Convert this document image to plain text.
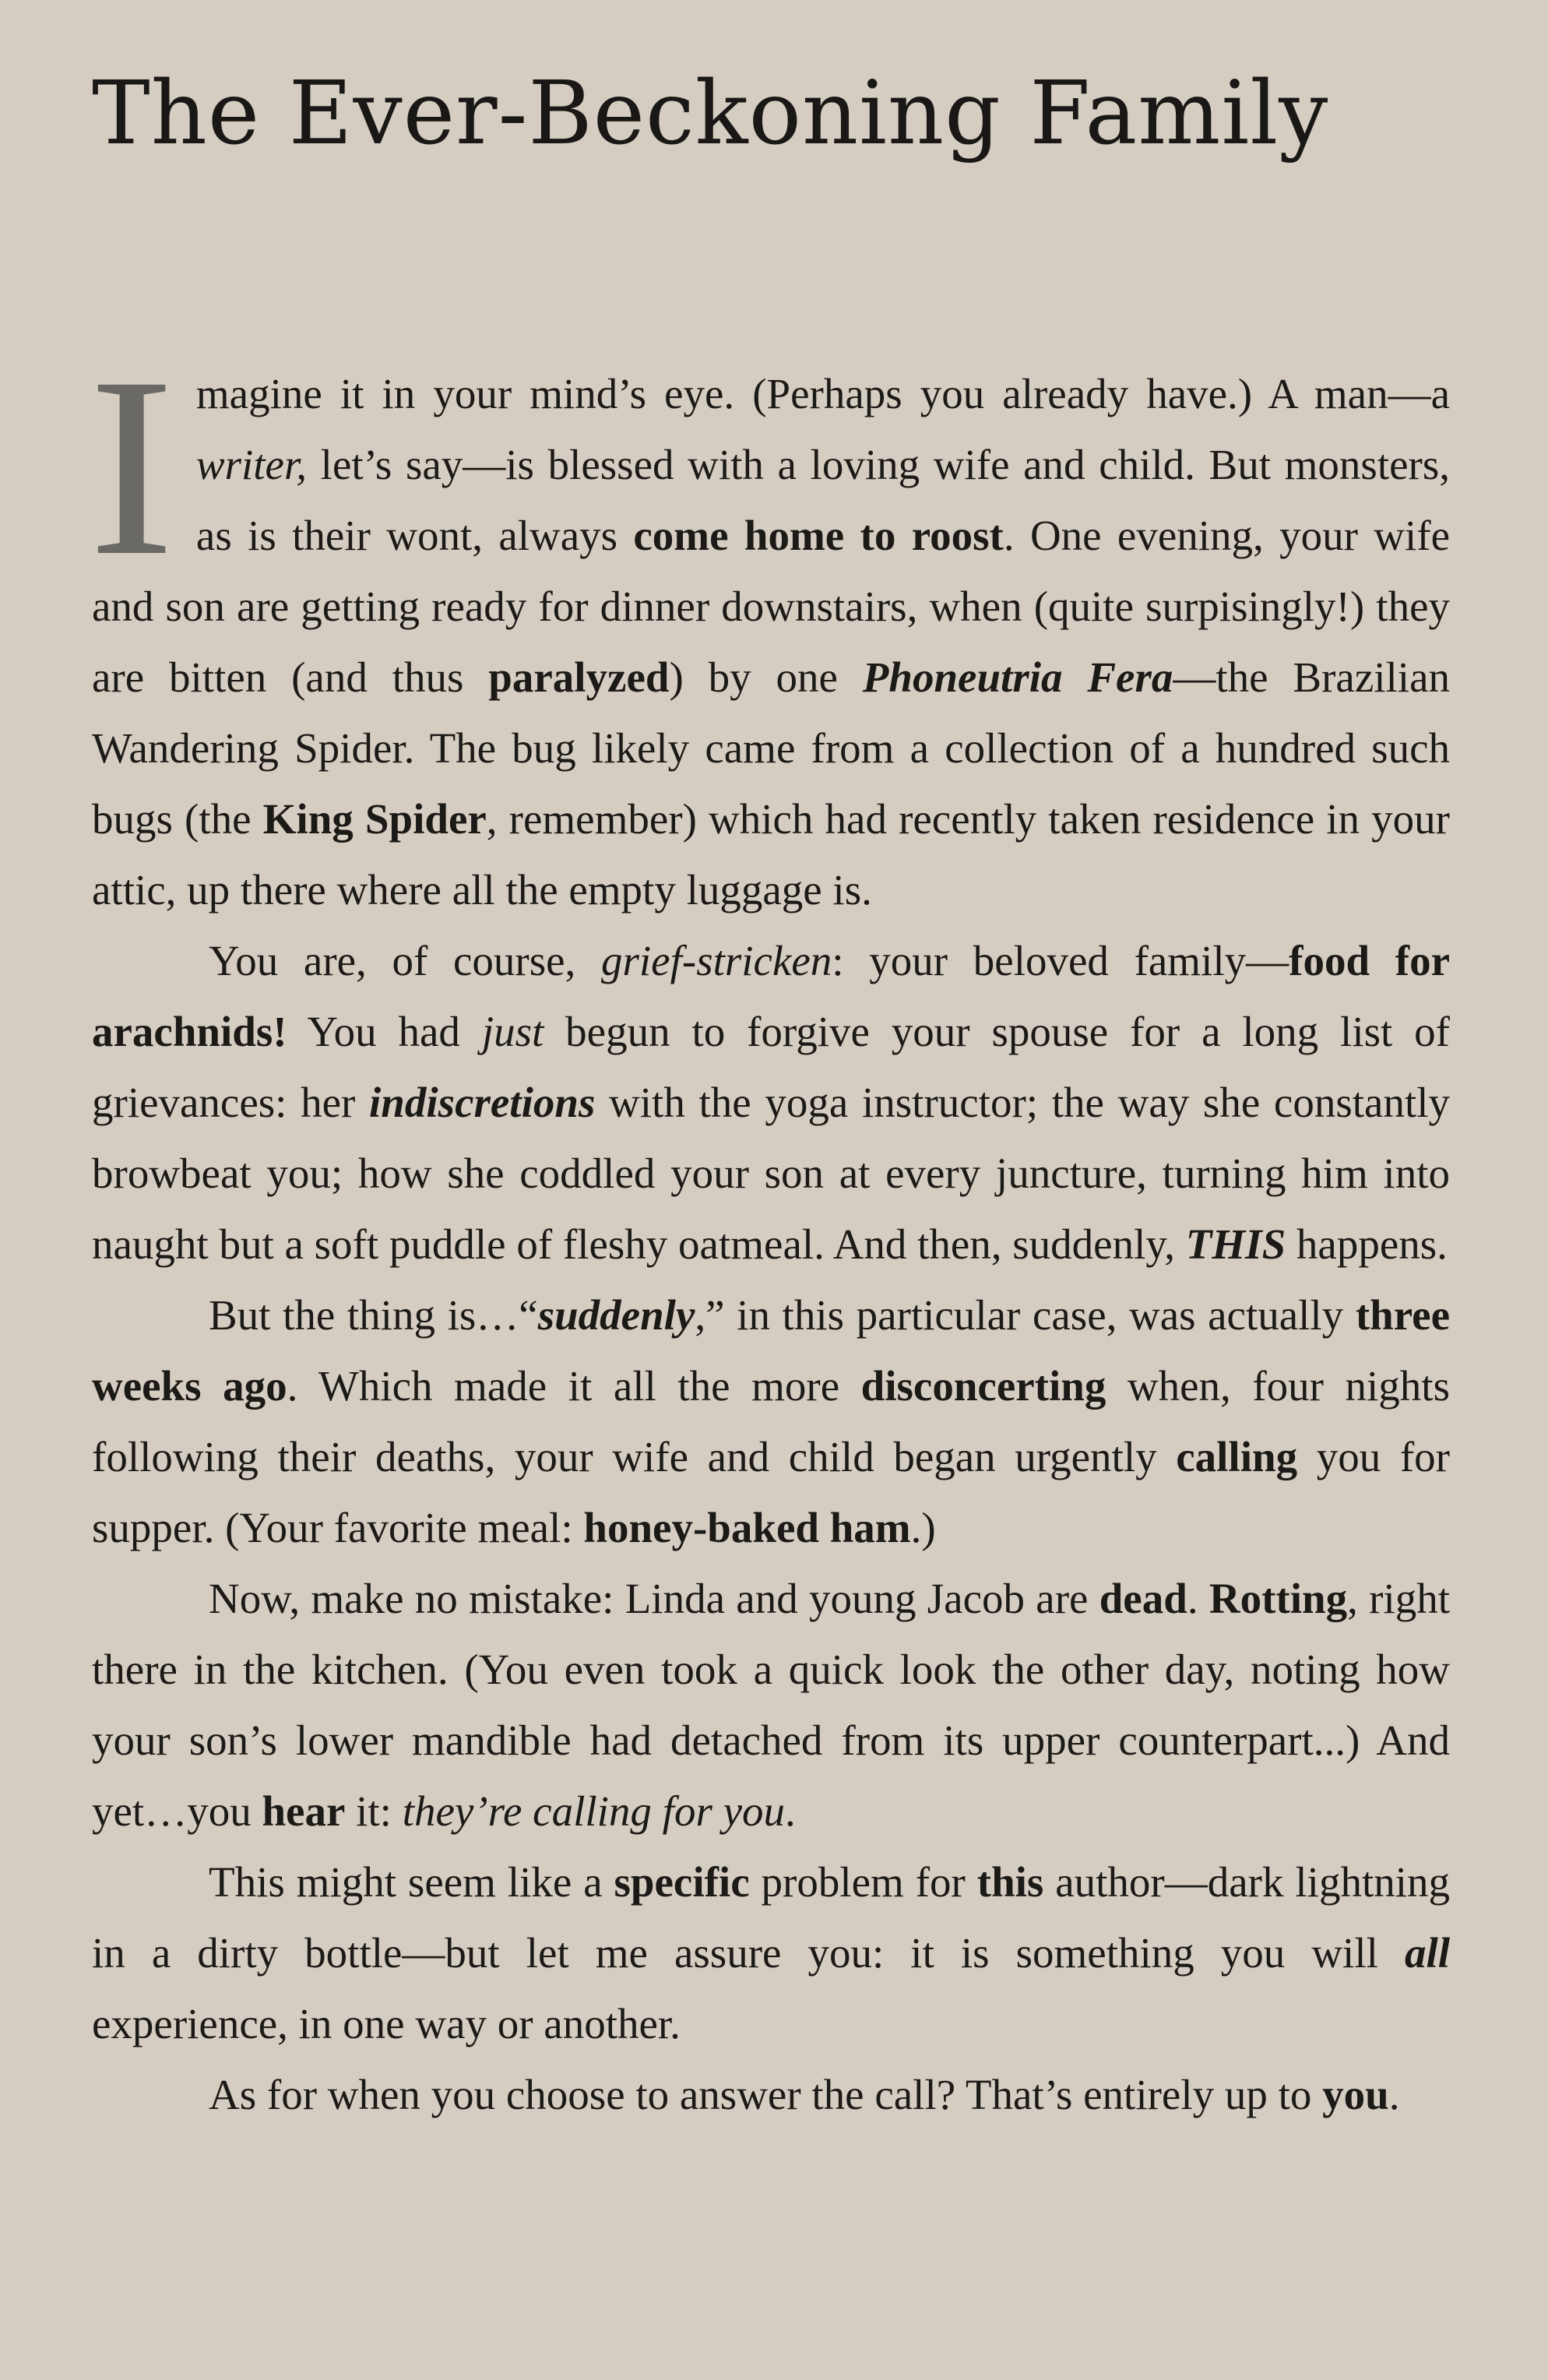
The Ever-Beckoning Family

Imagine it in your mind’s eye. (Perhaps you already have.) A man—a writer, let’s say—is blessed with a loving wife and child. But monsters, as is their wont, always come home to roost. One evening, your wife and son are getting ready for dinner downstairs, when (quite surpisingly!) they are bitten (and thus paralyzed) by one Phoneutria Fera—the Brazilian Wandering Spider. The bug likely came from a collection of a hundred such bugs (the King Spider, remember) which had recently taken residence in your attic, up there where all the empty luggage is.

You are, of course, grief-stricken: your beloved family—food for arachnids! You had just begun to forgive your spouse for a long list of grievances: her indiscretions with the yoga instructor; the way she constantly browbeat you; how she coddled your son at every juncture, turning him into naught but a soft puddle of fleshy oatmeal. And then, suddenly, THIS happens.

But the thing is…“suddenly,” in this particular case, was actually three weeks ago. Which made it all the more disconcerting when, four nights following their deaths, your wife and child began urgently calling you for supper. (Your favorite meal: honey-baked ham.)

Now, make no mistake: Linda and young Jacob are dead. Rotting, right there in the kitchen. (You even took a quick look the other day, noting how your son’s lower mandible had detached from its upper counterpart...) And yet…you hear it: they’re calling for you.

This might seem like a specific problem for this author—dark lightning in a dirty bottle—but let me assure you: it is something you will all experience, in one way or another.

As for when you choose to answer the call? That’s entirely up to you.
